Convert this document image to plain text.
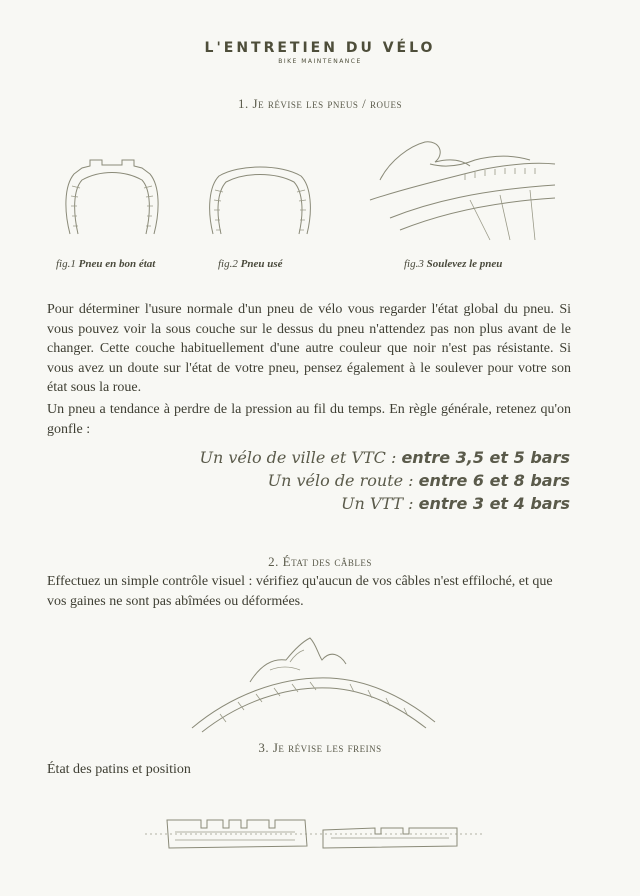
L'ENTRETIEN DU VÉLO
BIKE MAINTENANCE
1. Je révise les pneus / roues
fig.1 Pneu en bon état	fig.2 Pneu usé	fig.3 Soulevez le pneu
Pour déterminer l'usure normale d'un pneu de vélo vous regarder l'état global du pneu. Si vous pouvez voir la sous couche sur le dessus du pneu n'attendez pas non plus avant de le changer. Cette couche habituellement d'une autre couleur que noir n'est pas résistante. Si vous avez un doute sur l'état de votre pneu, pensez également à le soulever pour votre son état sous la roue.
Un pneu a tendance à perdre de la pression au fil du temps. En règle générale, retenez qu'on gonfle :
Un vélo de ville et VTC : entre 3,5 et 5 bars
Un vélo de route : entre 6 et 8 bars
Un VTT : entre 3 et 4 bars
2. État des câbles
Effectuez un simple contrôle visuel : vérifiez qu'aucun de vos câbles n'est effiloché, et que vos gaines ne sont pas abîmées ou déformées.
3. Je révise les freins
État des patins et position
